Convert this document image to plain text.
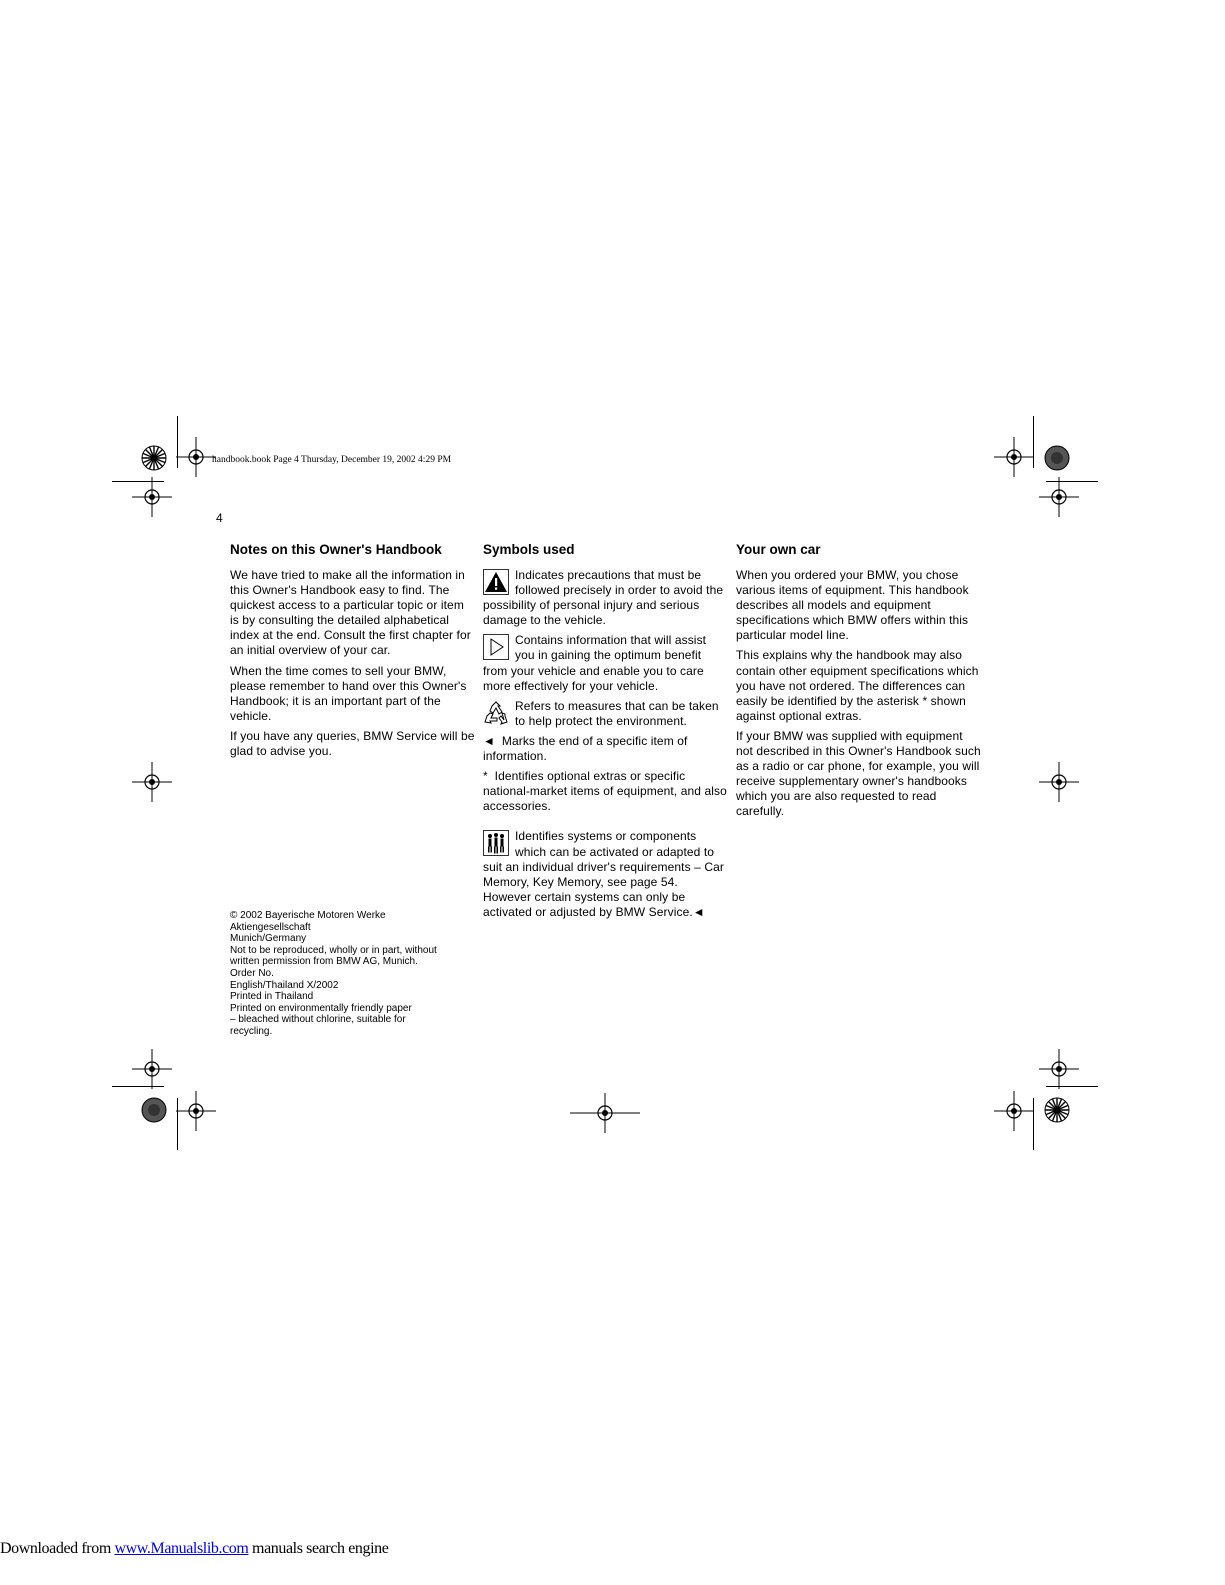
handbook.book Page 4 Thursday, December 19, 2002 4:29 PM
4
Notes on this Owner's Handbook

We have tried to make all the information in this Owner's Handbook easy to find. The quickest access to a particular topic or item is by consulting the detailed alphabetical index at the end. Consult the first chapter for an initial overview of your car.

When the time comes to sell your BMW, please remember to hand over this Owner's Handbook; it is an important part of the vehicle.

If you have any queries, BMW Service will be glad to advise you.

© 2002 Bayerische Motoren Werke
Aktiengesellschaft
Munich/Germany
Not to be reproduced, wholly or in part, without
written permission from BMW AG, Munich.
Order No.
English/Thailand X/2002
Printed in Thailand
Printed on environmentally friendly paper
– bleached without chlorine, suitable for
recycling.
Symbols used

Indicates precautions that must be followed precisely in order to avoid the possibility of personal injury and serious damage to the vehicle.

Contains information that will assist you in gaining the optimum benefit from your vehicle and enable you to care more effectively for your vehicle.

Refers to measures that can be taken to help protect the environment.

◄ Marks the end of a specific item of information.

* Identifies optional extras or specific national-market items of equipment, and also accessories.

Identifies systems or components which can be activated or adapted to suit an individual driver's requirements – Car Memory, Key Memory, see page 54.

However certain systems can only be activated or adjusted by BMW Service.◄

Your own car

When you ordered your BMW, you chose various items of equipment. This handbook describes all models and equipment specifications which BMW offers within this particular model line.

This explains why the handbook may also contain other equipment specifications which you have not ordered. The differences can easily be identified by the asterisk * shown against optional extras.

If your BMW was supplied with equipment not described in this Owner's Handbook such as a radio or car phone, for example, you will receive supplementary owner's handbooks which you are also requested to read carefully.

Downloaded from www.Manualslib.com manuals search engine
